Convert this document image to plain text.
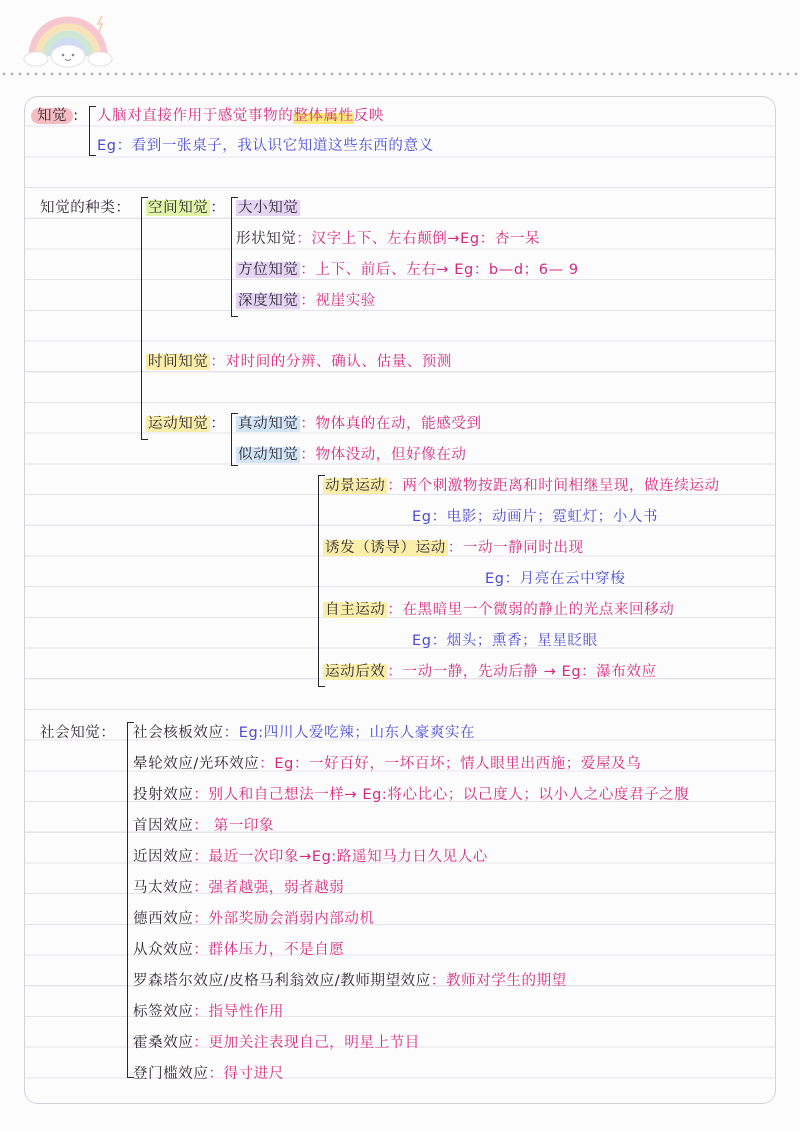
知觉 : 人脑对直接作用于感觉事物的整体属性反映
Eg：看到一张桌子，我认识它知道这些东西的意义
知觉的种类： 空间知觉 ： 大小知觉
形状知觉：汉字上下、左右颠倒→Eg：杏一呆
方位知觉 ：上下、前后、左右→ Eg：b—d；6— 9
深度知觉 ：视崖实验
时间知觉 ：对时间的分辨、确认、估量、预测
运动知觉 ： 真动知觉 ：物体真的在动，能感受到
似动知觉 ：物体没动，但好像在动
动景运动 ：两个刺激物按距离和时间相继呈现，做连续运动
Eg：电影；动画片；霓虹灯；小人书
诱发（诱导）运动 ：一动一静同时出现
Eg：月亮在云中穿梭
自主运动 ：在黑暗里一个微弱的静止的光点来回移动
Eg：烟头；熏香；星星眨眼
运动后效 ：一动一静，先动后静 → Eg：瀑布效应
社会知觉： 社会核板效应：Eg:四川人爱吃辣；山东人豪爽实在
晕轮效应/光环效应：Eg：一好百好，一坏百坏；情人眼里出西施；爱屋及乌
投射效应：别人和自己想法一样→ Eg:将心比心；以己度人；以小人之心度君子之腹
首因效应： 第一印象
近因效应：最近一次印象→Eg:路遥知马力日久见人心
马太效应：强者越强，弱者越弱
德西效应：外部奖励会消弱内部动机
从众效应：群体压力，不是自愿
罗森塔尔效应/皮格马利翁效应/教师期望效应：教师对学生的期望
标签效应：指导性作用
霍桑效应：更加关注表现自己，明星上节目
登门槛效应：得寸进尺
